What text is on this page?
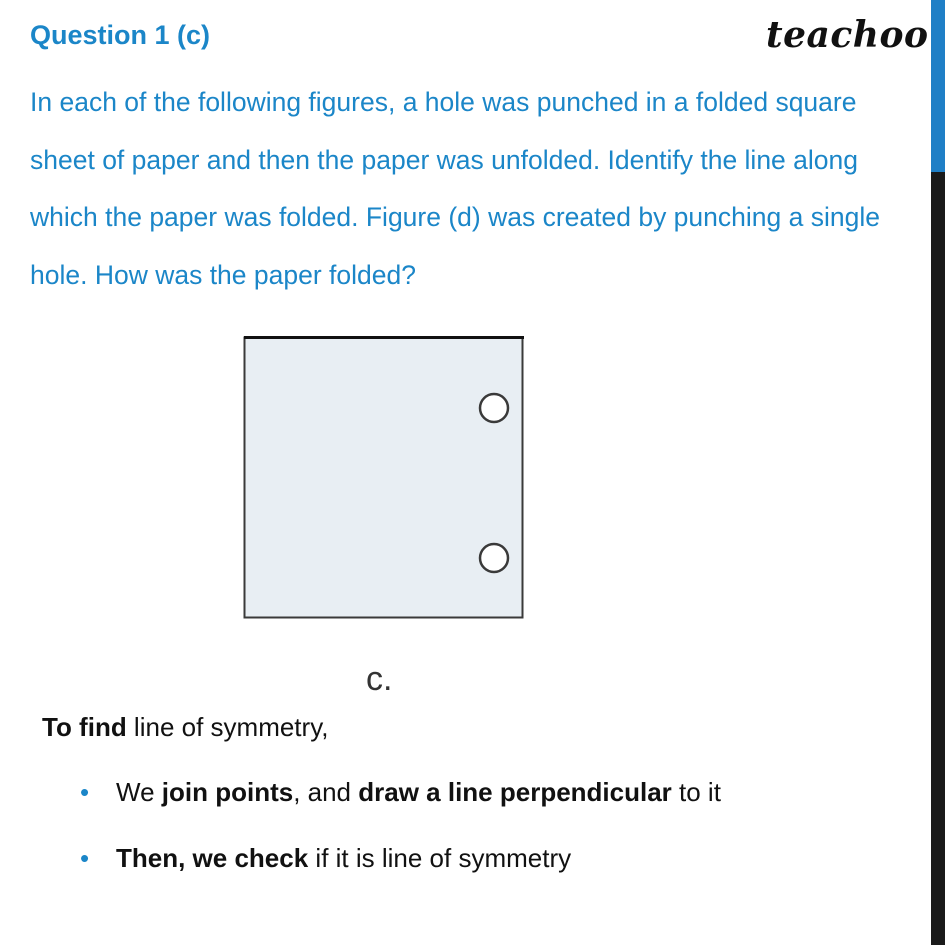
Question 1 (c)	teachoo
In each of the following figures, a hole was punched in a folded square sheet of paper and then the paper was unfolded. Identify the line along which the paper was folded. Figure (d) was created by punching a single hole. How was the paper folded?
c.
To find line of symmetry,
• We join points, and draw a line perpendicular to it
• Then, we check if it is line of symmetry
